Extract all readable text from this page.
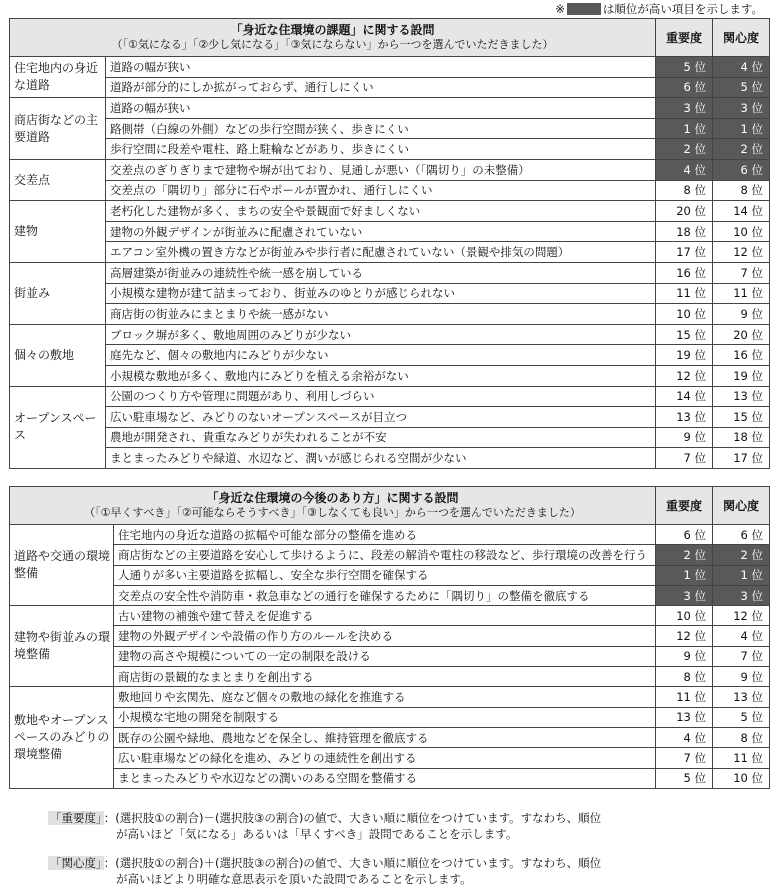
※	は順位が高い項目を示します。
「身近な住環境の課題」に関する設問
（「①気になる」「②少し気になる」「③気にならない」から一つを選んでいただきました）		重要度	関心度
住宅地内の身近な道路	道路の幅が狭い	5 位	4 位
	道路が部分的にしか拡がっておらず、通行しにくい	6 位	5 位
商店街などの主要道路	道路の幅が狭い	3 位	3 位
	路側帯（白線の外側）などの歩行空間が狭く、歩きにくい	1 位	1 位
	歩行空間に段差や電柱、路上駐輪などがあり、歩きにくい	2 位	2 位
交差点	交差点のぎりぎりまで建物や塀が出ており、見通しが悪い（「隅切り」の未整備）	4 位	6 位
	交差点の「隅切り」部分に石やポールが置かれ、通行しにくい	8 位	8 位
建物	老朽化した建物が多く、まちの安全や景観面で好ましくない	20 位	14 位
	建物の外観デザインが街並みに配慮されていない	18 位	10 位
	エアコン室外機の置き方などが街並みや歩行者に配慮されていない（景観や排気の問題）	17 位	12 位
街並み	高層建築が街並みの連続性や統一感を崩している	16 位	7 位
	小規模な建物が建て詰まっており、街並みのゆとりが感じられない	11 位	11 位
	商店街の街並みにまとまりや統一感がない	10 位	9 位
個々の敷地	ブロック塀が多く、敷地周囲のみどりが少ない	15 位	20 位
	庭先など、個々の敷地内にみどりが少ない	19 位	16 位
	小規模な敷地が多く、敷地内にみどりを植える余裕がない	12 位	19 位
オープンスペース	公園のつくり方や管理に問題があり、利用しづらい	14 位	13 位
	広い駐車場など、みどりのないオープンスペースが目立つ	13 位	15 位
	農地が開発され、貴重なみどりが失われることが不安	9 位	18 位
	まとまったみどりや緑道、水辺など、潤いが感じられる空間が少ない	7 位	17 位
「身近な住環境の今後のあり方」に関する設問
（「①早くすべき」「②可能ならそうすべき」「③しなくても良い」から一つを選んでいただきました）		重要度	関心度
道路や交通の環境整備	住宅地内の身近な道路の拡幅や可能な部分の整備を進める	6 位	6 位
	商店街などの主要道路を安心して歩けるように、段差の解消や電柱の移設など、歩行環境の改善を行う	2 位	2 位
	人通りが多い主要道路を拡幅し、安全な歩行空間を確保する	1 位	1 位
	交差点の安全性や消防車・救急車などの通行を確保するために「隅切り」の整備を徹底する	3 位	3 位
建物や街並みの環境整備	古い建物の補強や建て替えを促進する	10 位	12 位
	建物の外観デザインや設備の作り方のルールを決める	12 位	4 位
	建物の高さや規模についての一定の制限を設ける	9 位	7 位
	商店街の景観的なまとまりを創出する	8 位	9 位
敷地やオープンスペースのみどりの環境整備	敷地回りや玄関先、庭など個々の敷地の緑化を推進する	11 位	13 位
	小規模な宅地の開発を制限する	13 位	5 位
	既存の公園や緑地、農地などを保全し、維持管理を徹底する	4 位	8 位
	広い駐車場などの緑化を進め、みどりの連続性を創出する	7 位	11 位
	まとまったみどりや水辺などの潤いのある空間を整備する	5 位	10 位
「重要度」 ：(選択肢①の割合)－(選択肢③の割合)の値で、大きい順に順位をつけています。すなわち、順位
が高いほど「気になる」あるいは「早くすべき」設問であることを示します。
「関心度」 ：(選択肢①の割合)＋(選択肢③の割合)の値で、大きい順に順位をつけています。すなわち、順位
が高いほどより明確な意思表示を頂いた設問であることを示します。
